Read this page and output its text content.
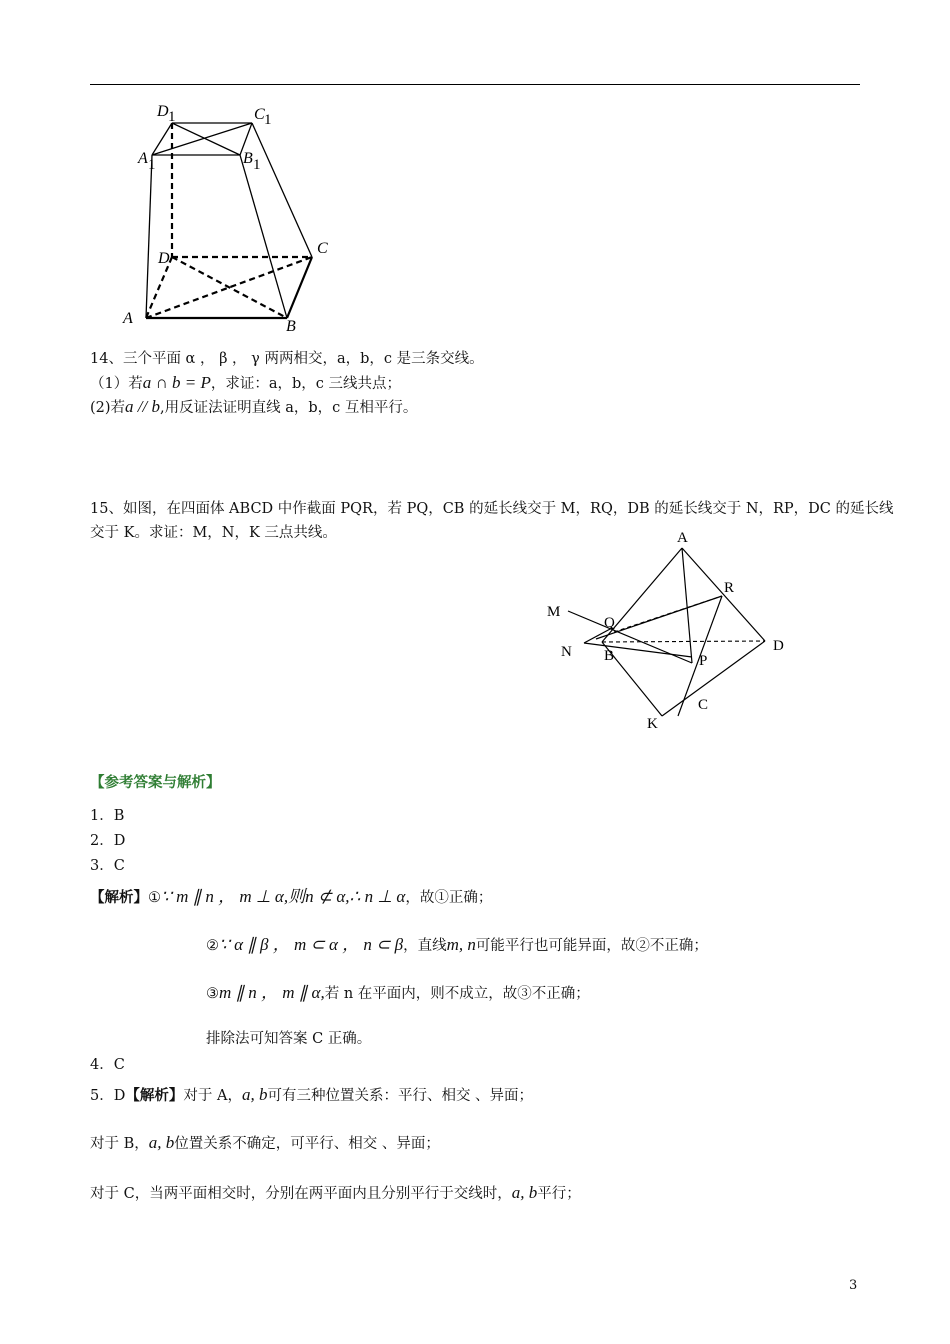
D 1	C 1
A 1	B 1
D
C
A	B
14、三个平面 α ， β ， γ 两两相交，a，b，c 是三条交线。
（1）若a ∩ b = P，求证：a，b，c 三线共点；
(2)若a // b,用反证法证明直线 a，b，c 互相平行。
15、如图，在四面体 ABCD 中作截面 PQR，若 PQ，CB 的延长线交于 M，RQ，DB 的延长线交于 N，RP，DC 的延长线
交于 K。求证：M，N，K 三点共线。	A
R
M
Q
N B	P
D
C
K
【参考答案与解析】
1．B
2．D
3．C
【解析】①∵ m ∥ n ， m ⊥ α,则n ⊄ α,∴ n ⊥ α，故①正确；
②∵ α ∥ β ， m ⊂ α ， n ⊂ β，直线m, n可能平行也可能异面，故②不正确；
③m ∥ n ， m ∥ α,若 n 在平面内，则不成立，故③不正确；
排除法可知答案 C 正确。
4．C
5．D【解析】对于 A，a, b可有三种位置关系：平行、相交 、异面；
对于 B，a, b位置关系不确定，可平行、相交 、异面；
对于 C，当两平面相交时，分别在两平面内且分别平行于交线时，a, b平行；
3
